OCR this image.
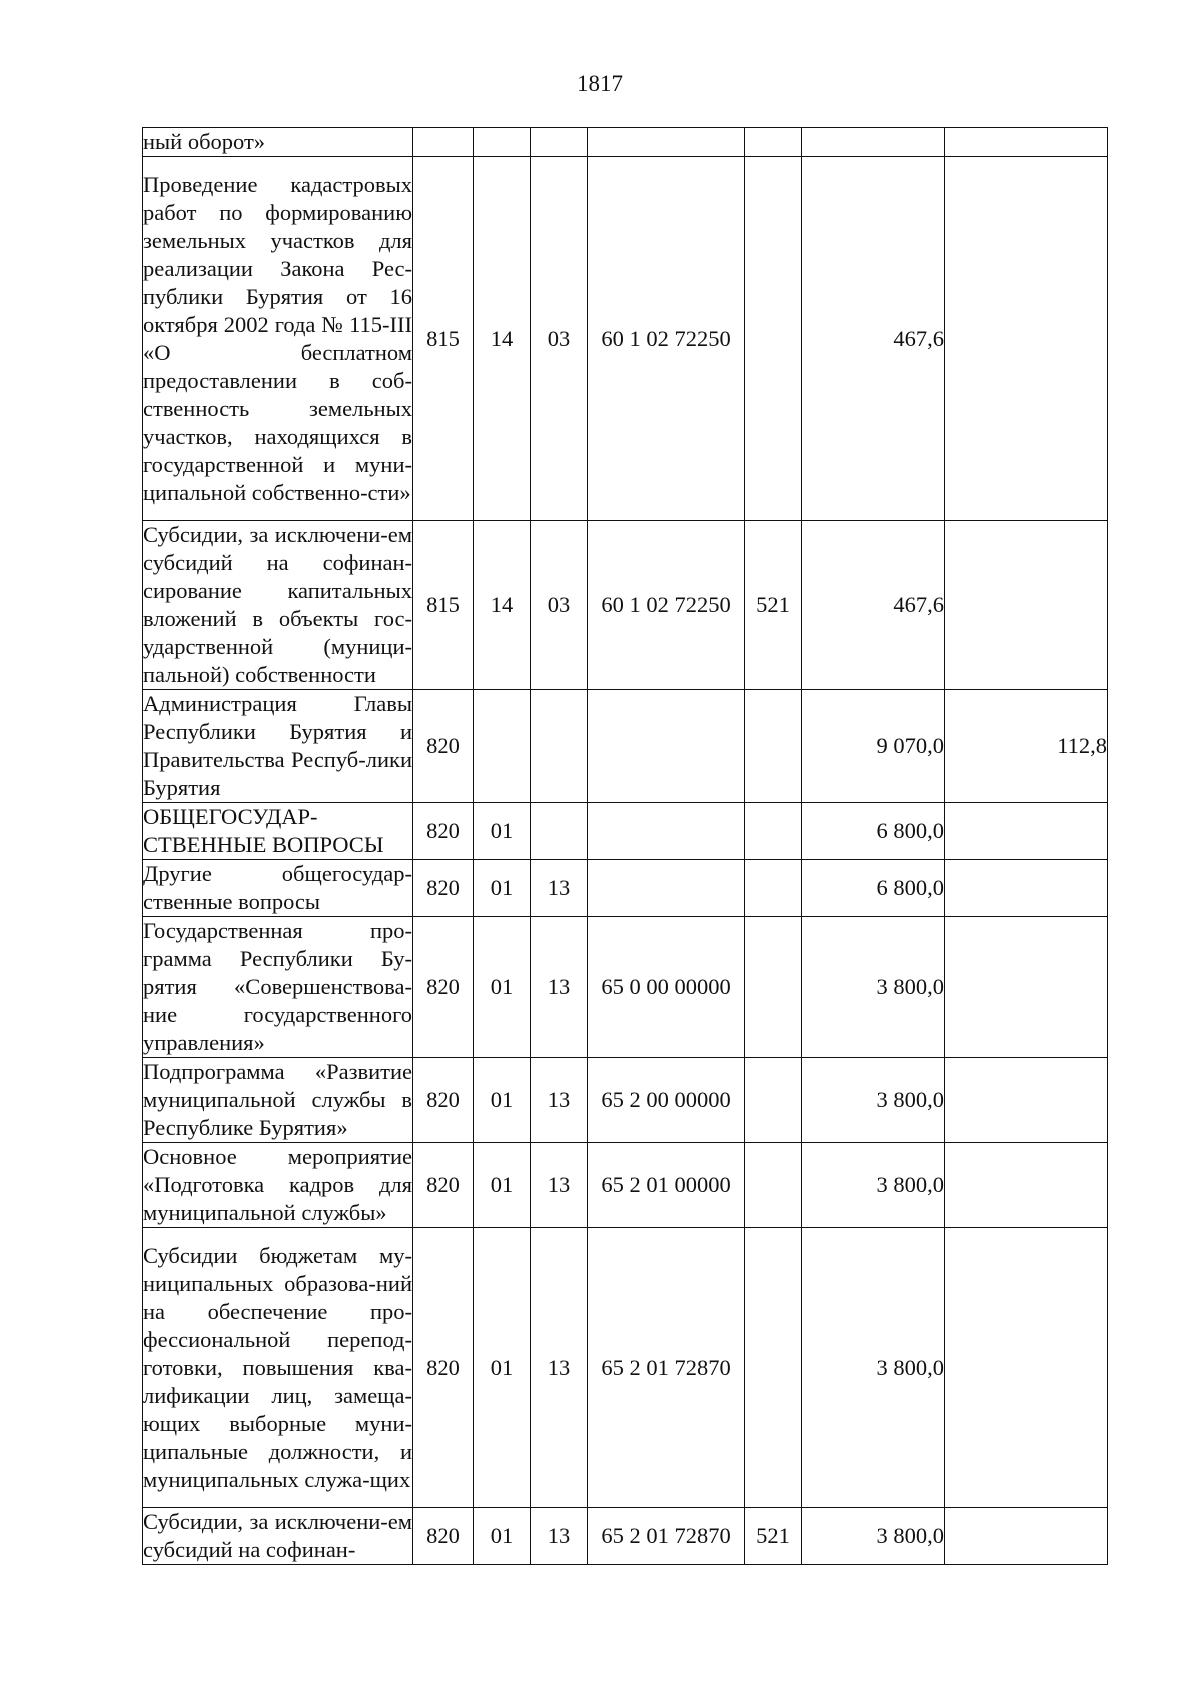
1817
ный оборот»							

Проведение кадастровых работ по формированию земельных участков для реализации Закона Рес-публики Бурятия от 16 октября 2002 года № 115-III «О бесплатном предоставлении в соб-ственность земельных участков, находящихся в государственной и муни-ципальной собственно-сти»	815	14	03	60 1 02 72250		467,6	

Субсидии, за исключени-ем субсидий на софинан-сирование капитальных вложений в объекты гос-ударственной (муници-пальной) собственности	815	14	03	60 1 02 72250	521	467,6	

Администрация Главы Республики Бурятия и Правительства Респуб-лики Бурятия	820					9 070,0	112,8

ОБЩЕГОСУДАР-СТВЕННЫЕ ВОПРОСЫ	820	01				6 800,0	

Другие общегосудар-ственные вопросы	820	01	13			6 800,0	

Государственная про-грамма Республики Бу-рятия «Совершенствова-ние государственного управления»	820	01	13	65 0 00 00000		3 800,0	

Подпрограмма «Развитие муниципальной службы в Республике Бурятия»	820	01	13	65 2 00 00000		3 800,0	

Основное мероприятие «Подготовка кадров для муниципальной службы»	820	01	13	65 2 01 00000		3 800,0	

Субсидии бюджетам му-ниципальных образова-ний на обеспечение про-фессиональной перепод-готовки, повышения ква-лификации лиц, замеща-ющих выборные муни-ципальные должности, и муниципальных служа-щих	820	01	13	65 2 01 72870		3 800,0	

Субсидии, за исключени-ем субсидий на софинан-	820	01	13	65 2 01 72870	521	3 800,0	
